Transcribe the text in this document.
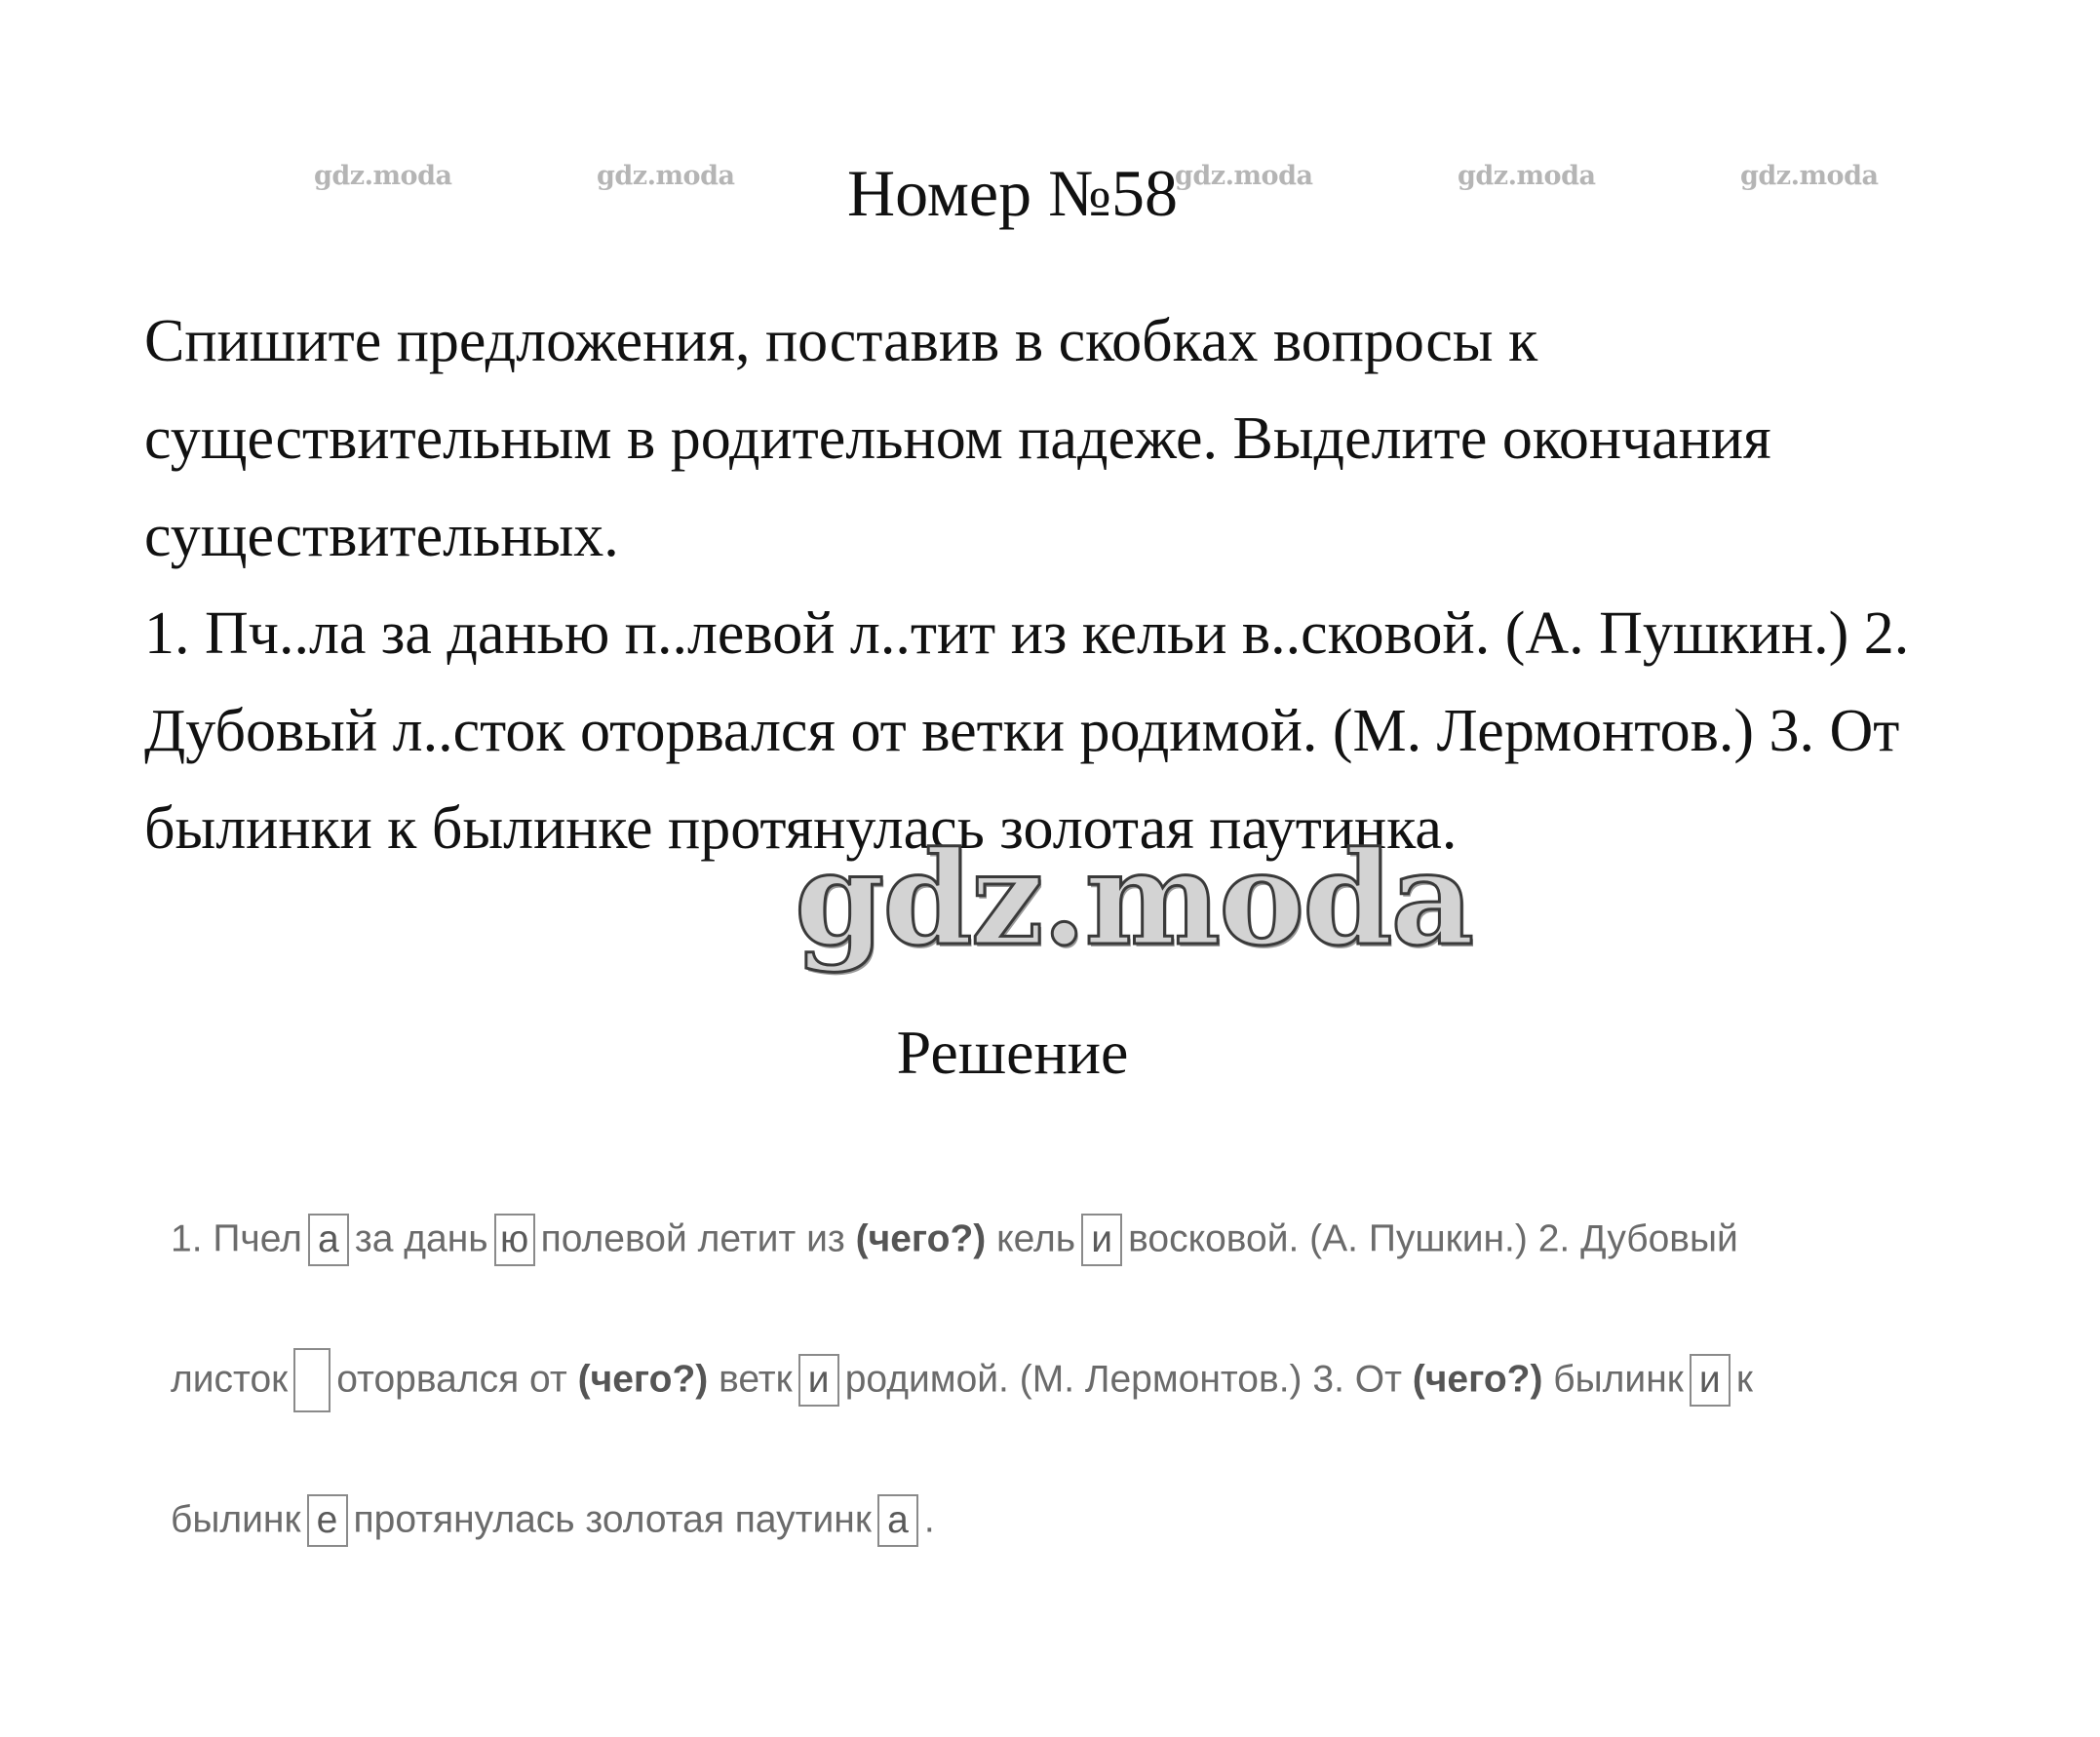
gdz.moda	gdz.moda	gdz.moda	gdz.moda	gdz.moda
Номер №58

Спишите предложения, поставив в скобках вопросы к существительным в родительном падеже. Выделите окончания существительных.

1. Пч..ла за данью п..левой л..тит из кельи в..сковой. (А. Пушкин.) 2. Дубовый л..сток оторвался от ветки родимой. (М. Лермонтов.) 3. От былинки к былинке протянулась золотая паутинка.

gdz.moda
Решение
1. Пчел а за дань ю полевой летит из (чего?) кель и восковой. (А. Пушкин.) 2. Дубовый
листок оторвался от (чего?) ветк и родимой. (М. Лермонтов.) 3. От (чего?) былинк и к
былинк е протянулась золотая паутинк а .
